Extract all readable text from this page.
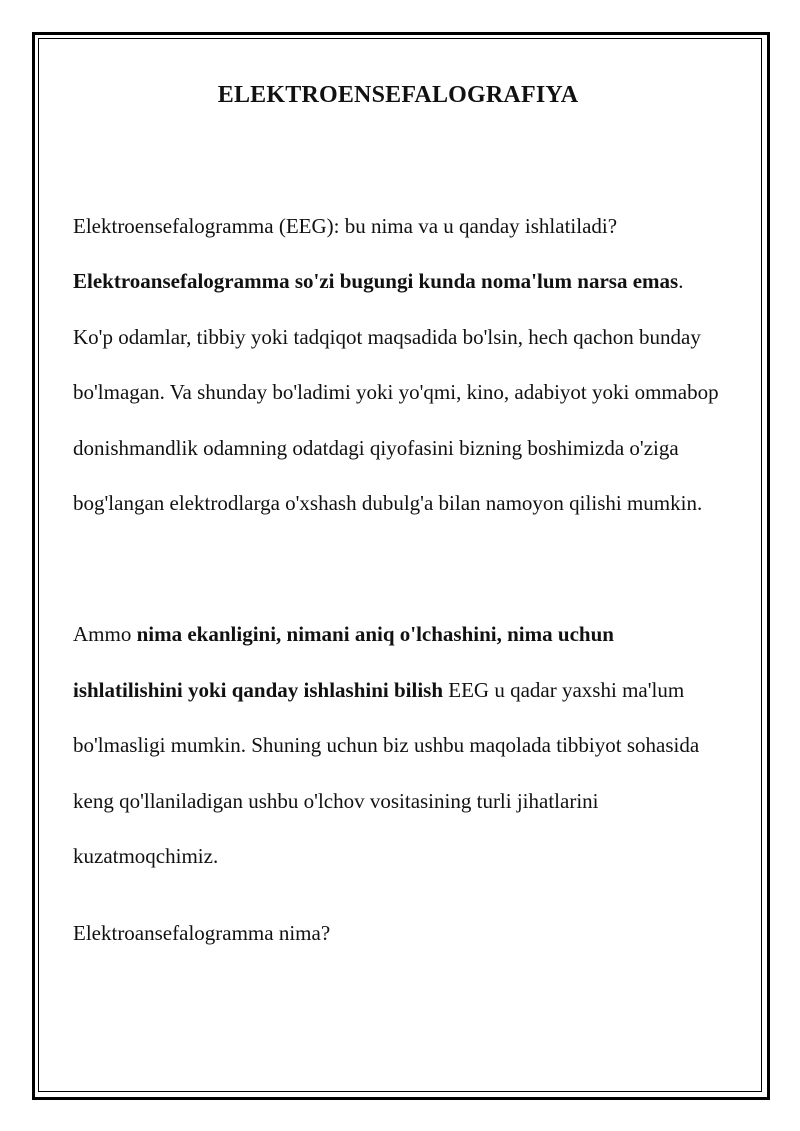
ELEKTROENSEFALOGRAFIYA

Elektroensefalogramma (EEG): bu nima va u qanday ishlatiladi?

Elektroansefalogramma so'zi bugungi kunda noma'lum narsa emas. Ko'p odamlar, tibbiy yoki tadqiqot maqsadida bo'lsin, hech qachon bunday bo'lmagan. Va shunday bo'ladimi yoki yo'qmi, kino, adabiyot yoki ommabop donishmandlik odamning odatdagi qiyofasini bizning boshimizda o'ziga bog'langan elektrodlarga o'xshash dubulg'a bilan namoyon qilishi mumkin.

Ammo nima ekanligini, nimani aniq o'lchashini, nima uchun ishlatilishini yoki qanday ishlashini bilish EEG u qadar yaxshi ma'lum bo'lmasligi mumkin. Shuning uchun biz ushbu maqolada tibbiyot sohasida keng qo'llaniladigan ushbu o'lchov vositasining turli jihatlarini kuzatmoqchimiz.

Elektroansefalogramma nima?
